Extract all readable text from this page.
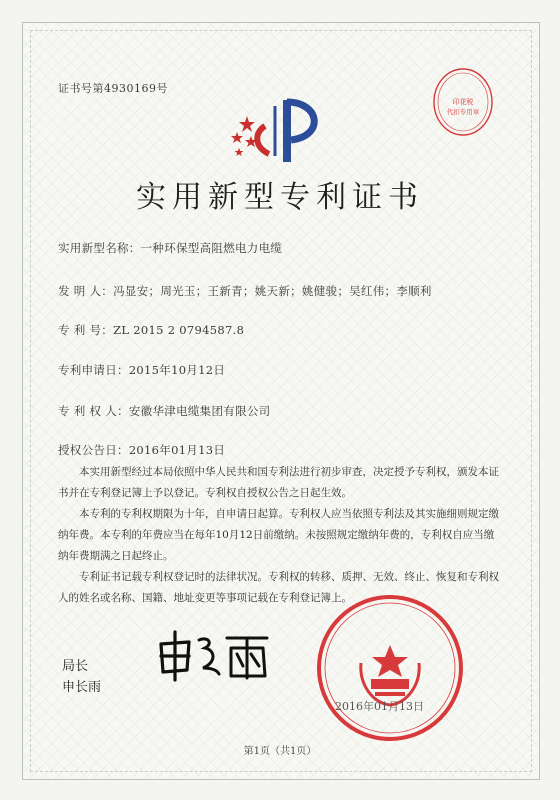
证书号第4930169号
印花税
代扣专用章
实用新型专利证书
实用新型名称：一种环保型高阻燃电力电缆
发 明 人：冯显安；周光玉；王新青；姚天新；姚健骏；吴红伟；李顺利
专 利 号：ZL 2015 2 0794587.8
专利申请日：2015年10月12日
专 利 权 人：安徽华津电缆集团有限公司
授权公告日：2016年01月13日

本实用新型经过本局依照中华人民共和国专利法进行初步审查，决定授予专利权，颁发本证书并在专利登记簿上予以登记。专利权自授权公告之日起生效。

本专利的专利权期限为十年，自申请日起算。专利权人应当依照专利法及其实施细则规定缴纳年费。本专利的年费应当在每年10月12日前缴纳。未按照规定缴纳年费的，专利权自应当缴纳年费期满之日起终止。

专利证书记载专利权登记时的法律状况。专利权的转移、质押、无效、终止、恢复和专利权人的姓名或名称、国籍、地址变更等事项记载在专利登记簿上。

局长
申长雨
2016年01月13日
第1页（共1页）
